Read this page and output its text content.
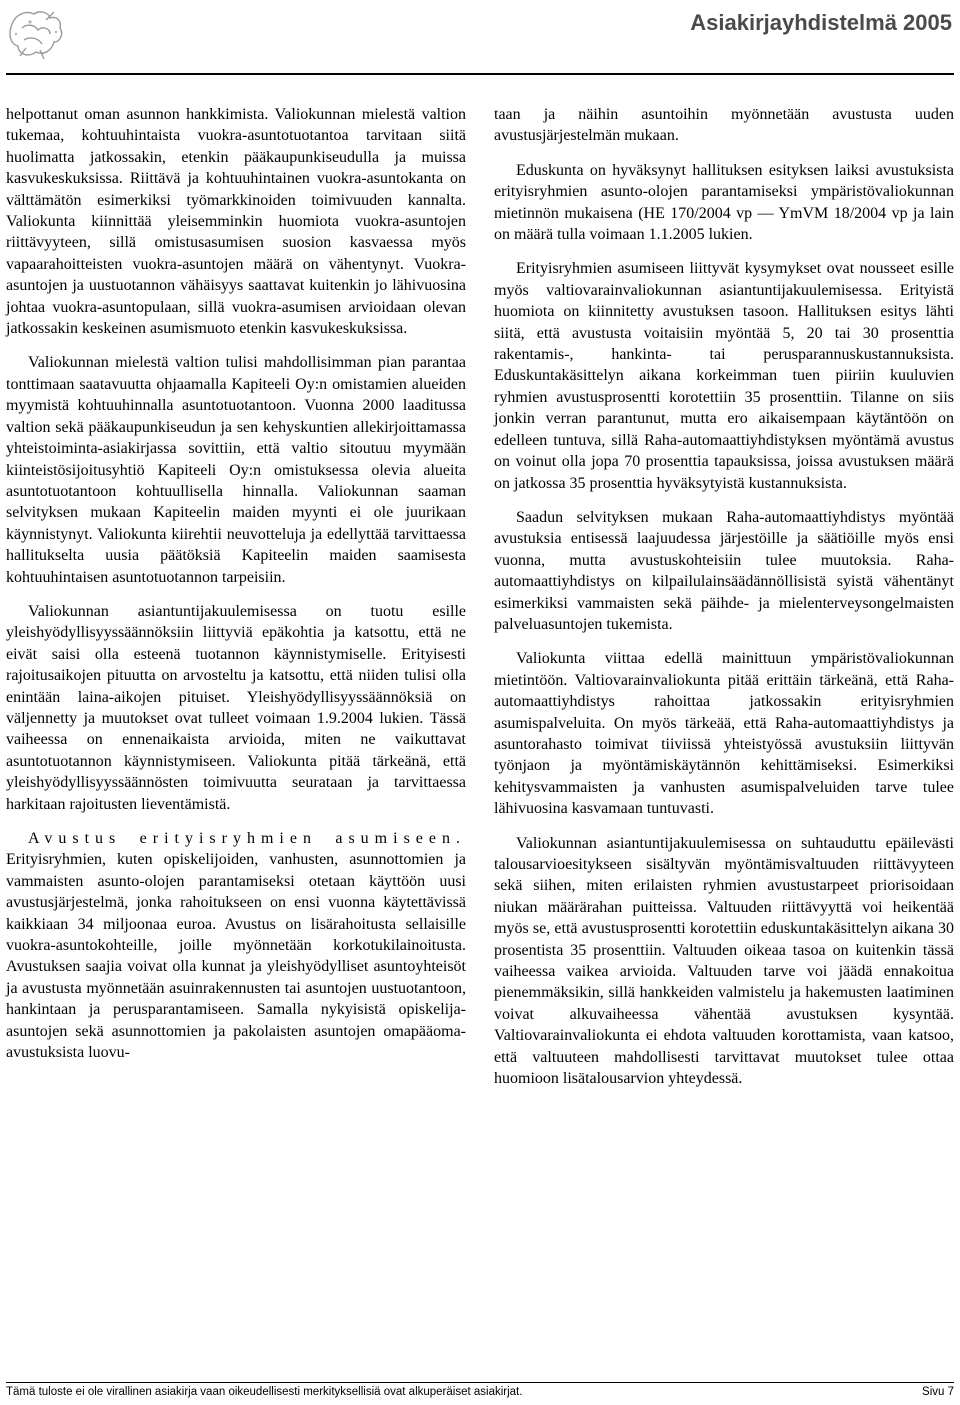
Asiakirjayhdistelmä 2005

helpottanut oman asunnon hankkimista. Valiokunnan mielestä valtion tukemaa, kohtuuhintaista vuokra-asuntotuotantoa tarvitaan siitä huolimatta jatkossakin, etenkin pääkaupunkiseudulla ja muissa kasvukeskuksissa. Riittävä ja kohtuuhintainen vuokra-asuntokanta on välttämätön esimerkiksi työmarkkinoiden toimivuuden kannalta. Valiokunta kiinnittää yleisemminkin huomiota vuokra-asuntojen riittävyyteen, sillä omistusasumisen suosion kasvaessa myös vapaarahoitteisten vuokra-asuntojen määrä on vähentynyt. Vuokra-asuntojen ja uustuotannon vähäisyys saattavat kuitenkin jo lähivuosina johtaa vuokra-asuntopulaan, sillä vuokra-asumisen arvioidaan olevan jatkossakin keskeinen asumismuoto etenkin kasvukeskuksissa.

Valiokunnan mielestä valtion tulisi mahdollisimman pian parantaa tonttimaan saatavuutta ohjaamalla Kapiteeli Oy:n omistamien alueiden myymistä kohtuuhinnalla asuntotuotantoon. Vuonna 2000 laaditussa valtion sekä pääkaupunkiseudun ja sen kehyskuntien allekirjoittamassa yhteistoiminta-asiakirjassa sovittiin, että valtio sitoutuu myymään kiinteistösijoitusyhtiö Kapiteeli Oy:n omistuksessa olevia alueita asuntotuotantoon kohtuullisella hinnalla. Valiokunnan saaman selvityksen mukaan Kapiteelin maiden myynti ei ole juurikaan käynnistynyt. Valiokunta kiirehtii neuvotteluja ja edellyttää tarvittaessa hallitukselta uusia päätöksiä Kapiteelin maiden saamisesta kohtuuhintaisen asuntotuotannon tarpeisiin.

Valiokunnan asiantuntijakuulemisessa on tuotu esille yleishyödyllisyyssäännöksiin liittyviä epäkohtia ja katsottu, että ne eivät saisi olla esteenä tuotannon käynnistymiselle. Erityisesti rajoitusaikojen pituutta on arvosteltu ja katsottu, että niiden tulisi olla enintään laina-aikojen pituiset. Yleishyödyllisyyssäännöksiä on väljennetty ja muutokset ovat tulleet voimaan 1.9.2004 lukien. Tässä vaiheessa on ennenaikaista arvioida, miten ne vaikuttavat asuntotuotannon käynnistymiseen. Valiokunta pitää tärkeänä, että yleishyödyllisyyssäännösten toimivuutta seurataan ja tarvittaessa harkitaan rajoitusten lieventämistä.

Avustus erityisryhmien asumiseen. Erityisryhmien, kuten opiskelijoiden, vanhusten, asunnottomien ja vammaisten asunto-olojen parantamiseksi otetaan käyttöön uusi avustusjärjestelmä, jonka rahoitukseen on ensi vuonna käytettävissä kaikkiaan 34 miljoonaa euroa. Avustus on lisärahoitusta sellaisille vuokra-asuntokohteille, joille myönnetään korkotukilainoitusta. Avustuksen saajia voivat olla kunnat ja yleishyödylliset asuntoyhteisöt ja avustusta myönnetään asuinrakennusten tai asuntojen uustuotantoon, hankintaan ja perusparantamiseen. Samalla nykyisistä opiskelija-asuntojen sekä asunnottomien ja pakolaisten asuntojen omapääoma-avustuksista luovu-

taan ja näihin asuntoihin myönnetään avustusta uuden avustusjärjestelmän mukaan.

Eduskunta on hyväksynyt hallituksen esityksen laiksi avustuksista erityisryhmien asunto-olojen parantamiseksi ympäristövaliokunnan mietinnön mukaisena (HE 170/2004 vp — YmVM 18/2004 vp ja lain on määrä tulla voimaan 1.1.2005 lukien.

Erityisryhmien asumiseen liittyvät kysymykset ovat nousseet esille myös valtiovarainvaliokunnan asiantuntijakuulemisessa. Erityistä huomiota on kiinnitetty avustuksen tasoon. Hallituksen esitys lähti siitä, että avustusta voitaisiin myöntää 5, 20 tai 30 prosenttia rakentamis-, hankinta- tai perusparannuskustannuksista. Eduskuntakäsittelyn aikana korkeimman tuen piiriin kuuluvien ryhmien avustusprosentti korotettiin 35 prosenttiin. Tilanne on siis jonkin verran parantunut, mutta ero aikaisempaan käytäntöön on edelleen tuntuva, sillä Raha-automaattiyhdistyksen myöntämä avustus on voinut olla jopa 70 prosenttia tapauksissa, joissa avustuksen määrä on jatkossa 35 prosenttia hyväksytyistä kustannuksista.

Saadun selvityksen mukaan Raha-automaattiyhdistys myöntää avustuksia entisessä laajuudessa järjestöille ja säätiöille myös ensi vuonna, mutta avustuskohteisiin tulee muutoksia. Raha-automaattiyhdistys on kilpailulainsäädännöllisistä syistä vähentänyt esimerkiksi vammaisten sekä päihde- ja mielenterveysongelmaisten palveluasuntojen tukemista.

Valiokunta viittaa edellä mainittuun ympäristövaliokunnan mietintöön. Valtiovarainvaliokunta pitää erittäin tärkeänä, että Raha-automaattiyhdistys rahoittaa jatkossakin erityisryhmien asumispalveluita. On myös tärkeää, että Raha-automaattiyhdistys ja asuntorahasto toimivat tiiviissä yhteistyössä avustuksiin liittyvän työnjaon ja myöntämiskäytännön kehittämiseksi. Esimerkiksi kehitysvammaisten ja vanhusten asumispalveluiden tarve tulee lähivuosina kasvamaan tuntuvasti.

Valiokunnan asiantuntijakuulemisessa on suhtauduttu epäilevästi talousarvioesitykseen sisältyvän myöntämisvaltuuden riittävyyteen sekä siihen, miten erilaisten ryhmien avustustarpeet priorisoidaan niukan määrärahan puitteissa. Valtuuden riittävyyttä voi heikentää myös se, että avustusprosentti korotettiin eduskuntakäsittelyn aikana 30 prosentista 35 prosenttiin. Valtuuden oikeaa tasoa on kuitenkin tässä vaiheessa vaikea arvioida. Valtuuden tarve voi jäädä ennakoitua pienemmäksikin, sillä hankkeiden valmistelu ja hakemusten laatiminen voivat alkuvaiheessa vähentää avustuksen kysyntää. Valtiovarainvaliokunta ei ehdota valtuuden korottamista, vaan katsoo, että valtuuteen mahdollisesti tarvittavat muutokset tulee ottaa huomioon lisätalousarvion yhteydessä.

Tämä tuloste ei ole virallinen asiakirja vaan oikeudellisesti merkityksellisiä ovat alkuperäiset asiakirjat.	Sivu 7
